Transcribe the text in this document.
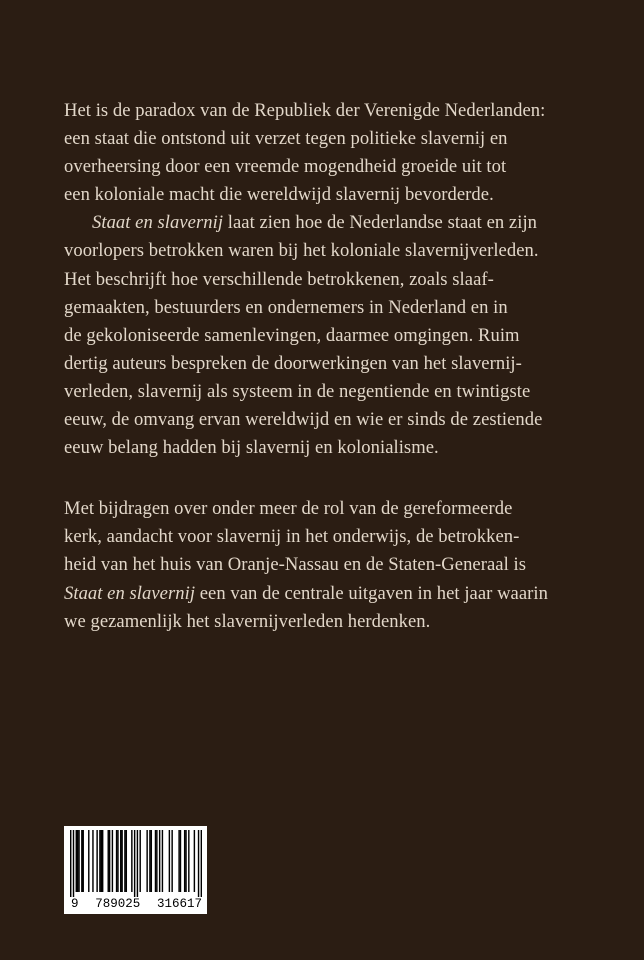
Het is de paradox van de Republiek der Verenigde Nederlanden:
een staat die ontstond uit verzet tegen politieke slavernij en
overheersing door een vreemde mogendheid groeide uit tot
een koloniale macht die wereldwijd slavernij bevorderde.
Staat en slavernij laat zien hoe de Nederlandse staat en zijn
voorlopers betrokken waren bij het koloniale slavernijverleden.
Het beschrijft hoe verschillende betrokkenen, zoals slaaf-
gemaakten, bestuurders en ondernemers in Nederland en in
de gekoloniseerde samenlevingen, daarmee omgingen. Ruim
dertig auteurs bespreken de doorwerkingen van het slavernij-
verleden, slavernij als systeem in de negentiende en twintigste
eeuw, de omvang ervan wereldwijd en wie er sinds de zestiende
eeuw belang hadden bij slavernij en kolonialisme.
Met bijdragen over onder meer de rol van de gereformeerde
kerk, aandacht voor slavernij in het onderwijs, de betrokken-
heid van het huis van Oranje-Nassau en de Staten-Generaal is
Staat en slavernij een van de centrale uitgaven in het jaar waarin
we gezamenlijk het slavernijverleden herdenken.
9 789025 316617
